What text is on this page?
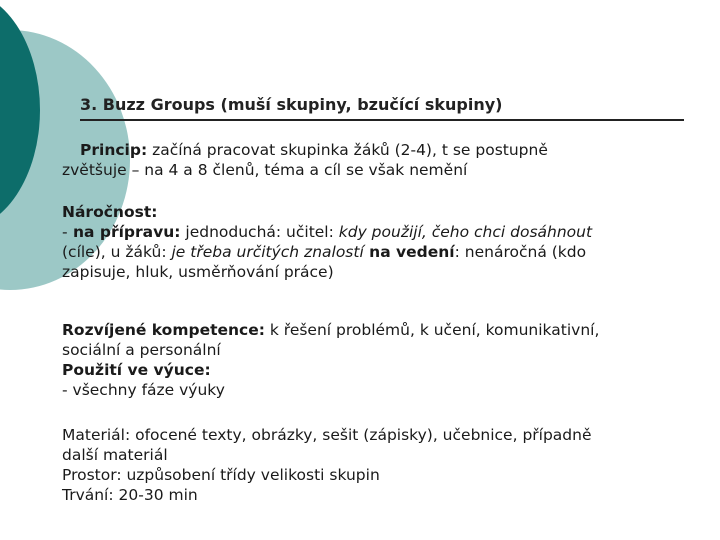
3. Buzz Groups (muší skupiny, bzučící skupiny)
Princip: začíná pracovat skupinka žáků (2-4), t se postupně
zvětšuje – na 4 a 8 členů, téma a cíl se však nemění
Náročnost:
- na přípravu: jednoduchá: učitel: kdy použijí, čeho chci dosáhnout
(cíle), u žáků: je třeba určitých znalostí na vedení: nenáročná (kdo
zapisuje, hluk, usměrňování práce)
Rozvíjené kompetence: k řešení problémů, k učení, komunikativní,
sociální a personální
Použití ve výuce:
- všechny fáze výuky
Materiál: ofocené texty, obrázky, sešit (zápisky), učebnice, případně
další materiál
Prostor: uzpůsobení třídy velikosti skupin
Trvání: 20-30 min
